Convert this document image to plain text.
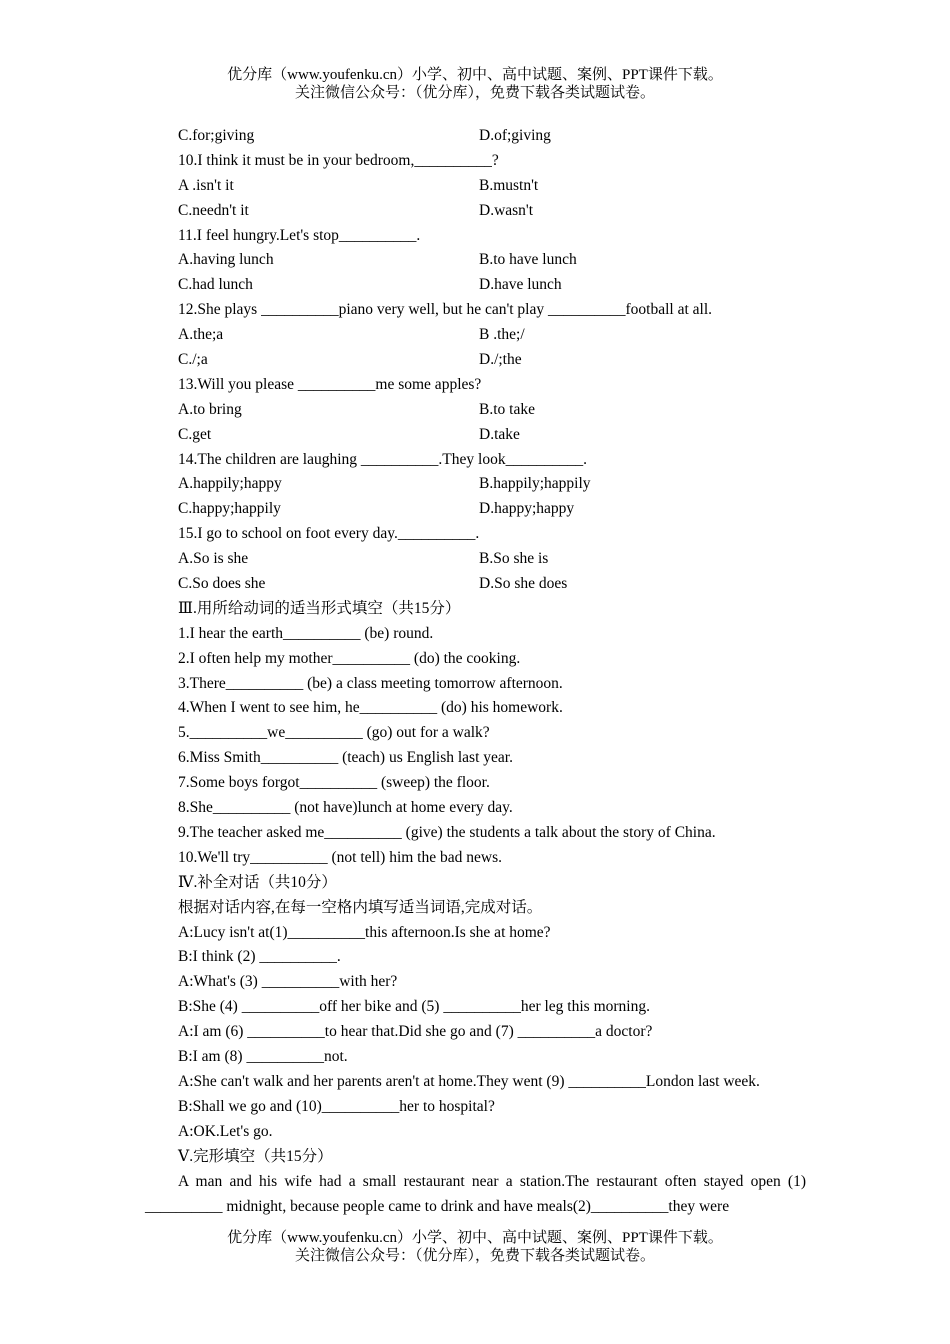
优分库（www.youfenku.cn）小学、初中、高中试题、案例、PPT课件下载。
关注微信公众号：（优分库），免费下载各类试题试卷。
C.for;giving	D.of;giving
10.I think it must be in your bedroom,__________?
A .isn't it	B.mustn't
C.needn't it	D.wasn't
11.I feel hungry.Let's stop__________.
A.having lunch	B.to have lunch
C.had lunch	D.have lunch
12.She plays __________piano very well, but he can't play __________football at all.
A.the;a	B .the;/
C./;a	D./;the
13.Will you please __________me some apples?
A.to bring	B.to take
C.get	D.take
14.The children are laughing __________.They look__________.
A.happily;happy	B.happily;happily
C.happy;happily	D.happy;happy
15.I go to school on foot every day.__________.
A.So is she	B.So she is
C.So does she	D.So she does
Ⅲ.用所给动词的适当形式填空（共15分）
1.I hear the earth__________ (be) round.
2.I often help my mother__________ (do) the cooking.
3.There__________ (be) a class meeting tomorrow afternoon.
4.When I went to see him, he__________ (do) his homework.
5.__________we__________ (go) out for a walk?
6.Miss Smith__________ (teach) us English last year.
7.Some boys forgot__________ (sweep) the floor.
8.She__________ (not have)lunch at home every day.
9.The teacher asked me__________ (give) the students a talk about the story of China.
10.We'll try__________ (not tell) him the bad news.
Ⅳ.补全对话（共10分）
根据对话内容,在每一空格内填写适当词语,完成对话。
A:Lucy isn't at(1)__________this afternoon.Is she at home?
B:I think (2) __________.
A:What's (3) __________with her?
B:She (4) __________off her bike and (5) __________her leg this morning.
A:I am (6) __________to hear that.Did she go and (7) __________a doctor?
B:I am (8) __________not.
A:She can't walk and her parents aren't at home.They went (9) __________London last week.
B:Shall we go and (10)__________her to hospital?
A:OK.Let's go.
Ⅴ.完形填空（共15分）
A man and his wife had a small restaurant near a station.The restaurant often stayed open (1) __________ midnight, because people came to drink and have meals(2)__________they were
优分库（www.youfenku.cn）小学、初中、高中试题、案例、PPT课件下载。
关注微信公众号：（优分库），免费下载各类试题试卷。
